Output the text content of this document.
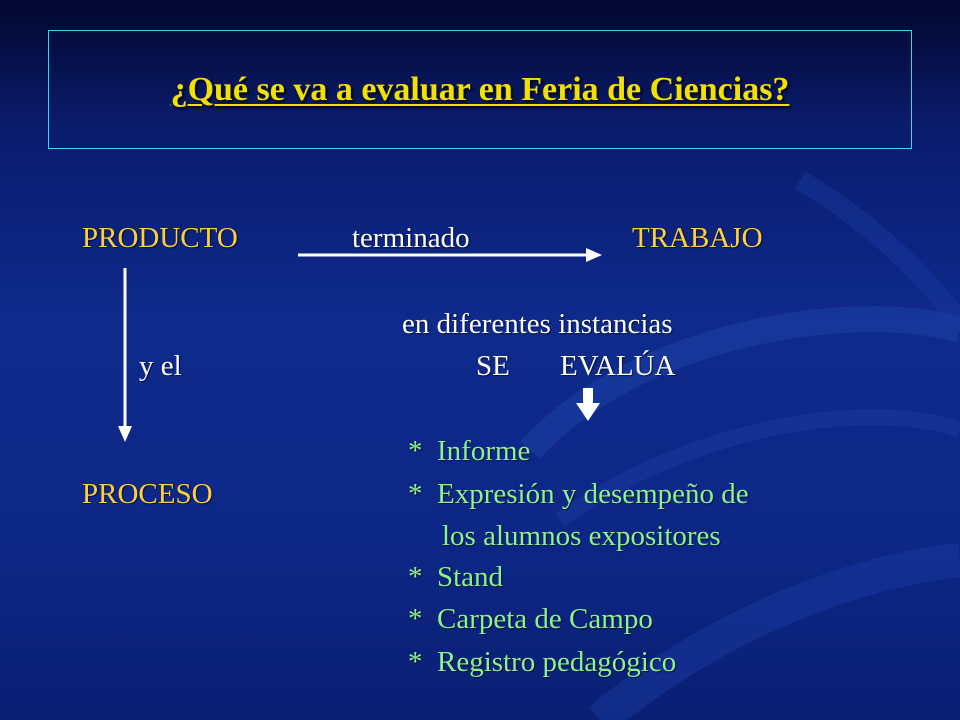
¿Qué se va a evaluar en Feria de Ciencias?
PRODUCTO	terminado	TRABAJO
en diferentes instancias
y el	SE EVALÚA
PROCESO
*  Informe
*  Expresión y desempeño de
los alumnos expositores
*  Stand
*  Carpeta de Campo
*  Registro pedagógico
